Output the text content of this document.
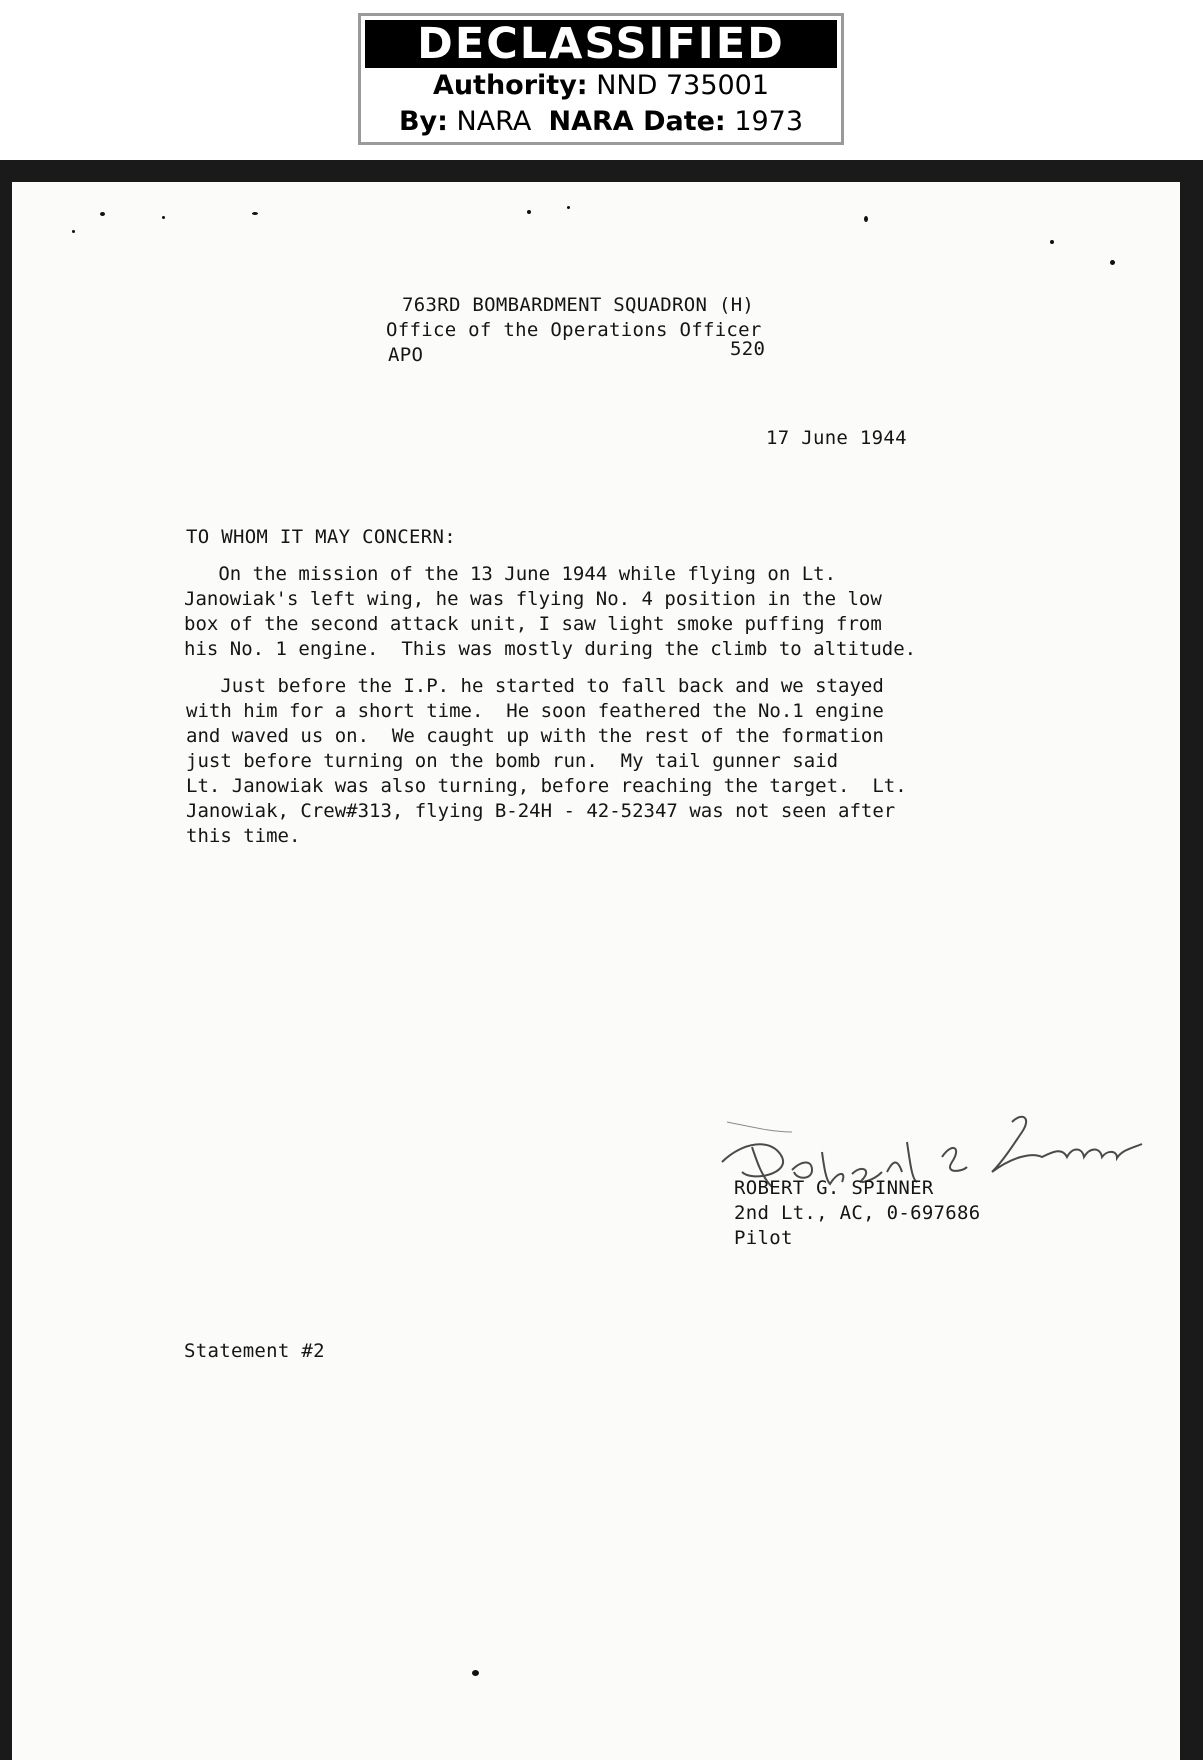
DECLASSIFIED
Authority: NND 735001
By: NARA NARA Date: 1973
763RD BOMBARDMENT SQUADRON (H)
Office of the Operations Officer
APO	520
17 June 1944
TO WHOM IT MAY CONCERN:
On the mission of the 13 June 1944 while flying on Lt.
Janowiak's left wing, he was flying No. 4 position in the low
box of the second attack unit, I saw light smoke puffing from
his No. 1 engine.  This was mostly during the climb to altitude.
Just before the I.P. he started to fall back and we stayed
with him for a short time.  He soon feathered the No.1 engine
and waved us on.  We caught up with the rest of the formation
just before turning on the bomb run.  My tail gunner said
Lt. Janowiak was also turning, before reaching the target.  Lt.
Janowiak, Crew#313, flying B-24H - 42-52347 was not seen after
this time.
ROBERT G. SPINNER
2nd Lt., AC, 0-697686
Pilot
Statement #2
